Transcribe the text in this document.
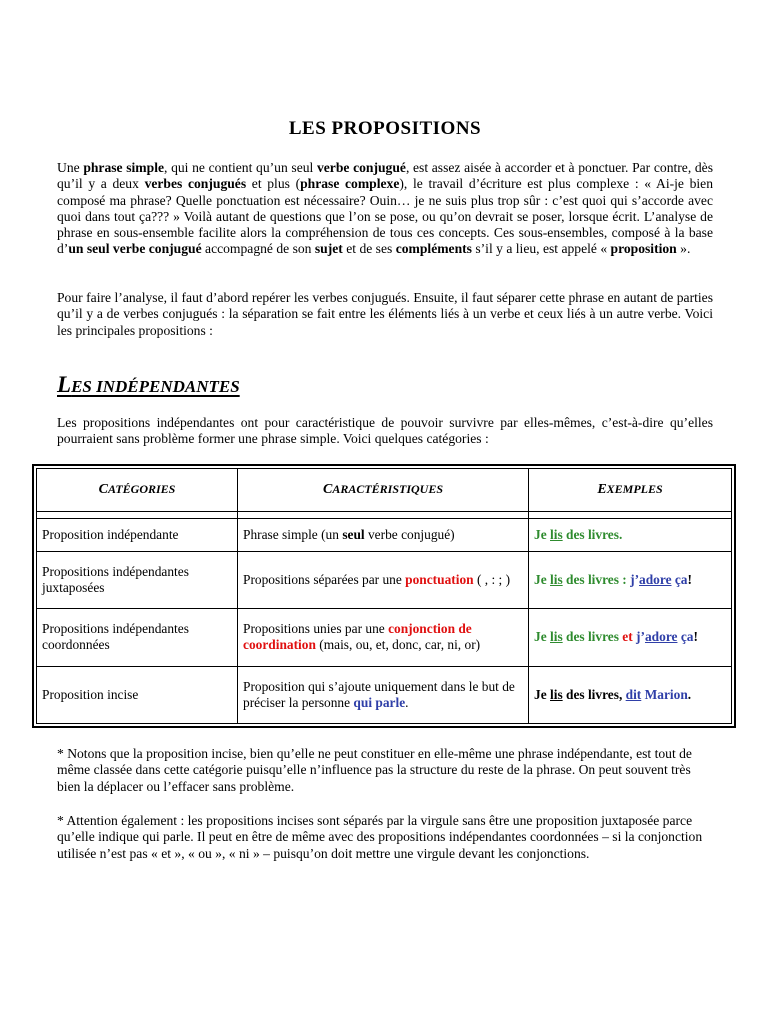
LES PROPOSITIONS

Une phrase simple, qui ne contient qu’un seul verbe conjugué, est assez aisée à accorder et à ponctuer. Par contre, dès qu’il y a deux verbes conjugués et plus (phrase complexe), le travail d’écriture est plus complexe : « Ai-je bien composé ma phrase? Quelle ponctuation est nécessaire? Ouin… je ne suis plus trop sûr : c’est quoi qui s’accorde avec quoi dans tout ça??? » Voilà autant de questions que l’on se pose, ou qu’on devrait se poser, lorsque écrit. L’analyse de phrase en sous-ensemble facilite alors la compréhension de tous ces concepts. Ces sous-ensembles, composé à la base d’un seul verbe conjugué accompagné de son sujet et de ses compléments s’il y a lieu, est appelé « proposition ».

Pour faire l’analyse, il faut d’abord repérer les verbes conjugués. Ensuite, il faut séparer cette phrase en autant de parties qu’il y a de verbes conjugués : la séparation se fait entre les éléments liés à un verbe et ceux liés à un autre verbe. Voici les principales propositions :

LES INDÉPENDANTES

Les propositions indépendantes ont pour caractéristique de pouvoir survivre par elles-mêmes, c’est-à-dire qu’elles pourraient sans problème former une phrase simple. Voici quelques catégories :

* Notons que la proposition incise, bien qu’elle ne peut constituer en elle-même une phrase indépendante, est tout de même classée dans cette catégorie puisqu’elle n’influence pas la structure du reste de la phrase. On peut souvent très bien la déplacer ou l’effacer sans problème.

* Attention également : les propositions incises sont séparés par la virgule sans être une proposition juxtaposée parce qu’elle indique qui parle. Il peut en être de même avec des propositions indépendantes coordonnées – si la conjonction utilisée n’est pas « et », « ou », « ni » – puisqu’on doit mettre une virgule devant les conjonctions.

CATÉGORIES	CARACTÉRISTIQUES	EXEMPLES

Proposition indépendante	Phrase simple (un seul verbe conjugué)	Je lis des livres.
Propositions indépendantes juxtaposées	Propositions séparées par une ponctuation ( , : ; )	Je lis des livres : j’adore ça!
Propositions indépendantes coordonnées	Propositions unies par une conjonction de coordination (mais, ou, et, donc, car, ni, or)	Je lis des livres et j’adore ça!
Proposition incise	Proposition qui s’ajoute uniquement dans le but de préciser la personne qui parle.	Je lis des livres, dit Marion.
